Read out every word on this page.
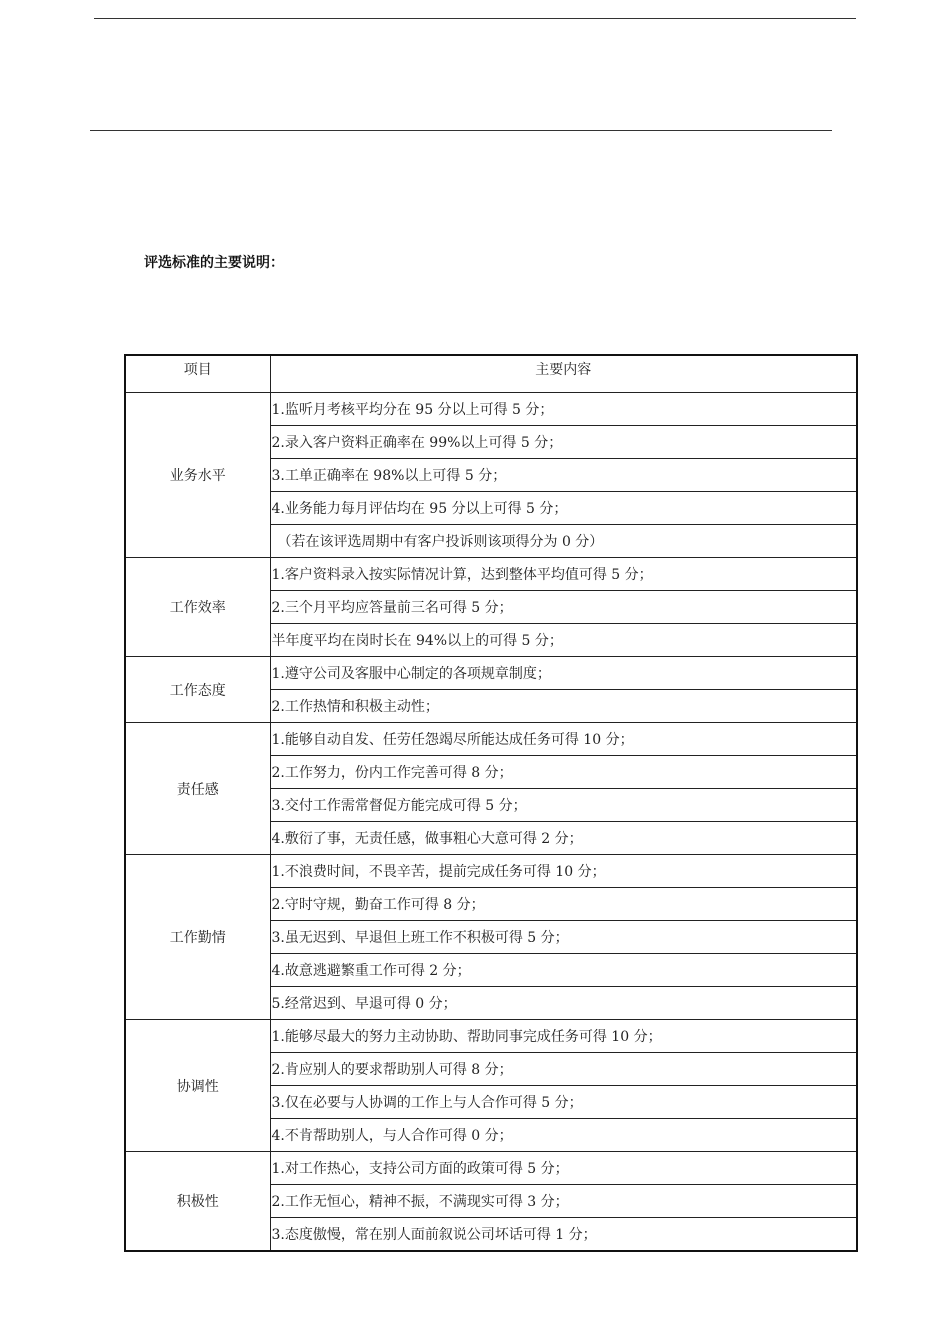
评选标准的主要说明：
项目	主要内容
业务水平	1.监听月考核平均分在 95 分以上可得 5 分；
	2.录入客户资料正确率在 99%以上可得 5 分；
	3.工单正确率在 98%以上可得 5 分；
	4.业务能力每月评估均在 95 分以上可得 5 分；
	（若在该评选周期中有客户投诉则该项得分为 0 分）
工作效率	1.客户资料录入按实际情况计算，达到整体平均值可得 5 分；
	2.三个月平均应答量前三名可得 5 分；
	半年度平均在岗时长在 94%以上的可得 5 分；
工作态度	1.遵守公司及客服中心制定的各项规章制度；
	2.工作热情和积极主动性；
责任感	1.能够自动自发、任劳任怨竭尽所能达成任务可得 10 分；
	2.工作努力，份内工作完善可得 8 分；
	3.交付工作需常督促方能完成可得 5 分；
	4.敷衍了事，无责任感，做事粗心大意可得 2 分；
工作勤情	1.不浪费时间，不畏辛苦，提前完成任务可得 10 分；
	2.守时守规，勤奋工作可得 8 分；
	3.虽无迟到、早退但上班工作不积极可得 5 分；
	4.故意逃避繁重工作可得 2 分；
	5.经常迟到、早退可得 0 分；
协调性	1.能够尽最大的努力主动协助、帮助同事完成任务可得 10 分；
	2.肯应别人的要求帮助别人可得 8 分；
	3.仅在必要与人协调的工作上与人合作可得 5 分；
	4.不肯帮助别人，与人合作可得 0 分；
积极性	1.对工作热心，支持公司方面的政策可得 5 分；
	2.工作无恒心，精神不振，不满现实可得 3 分；
	3.态度傲慢，常在别人面前叙说公司坏话可得 1 分；
